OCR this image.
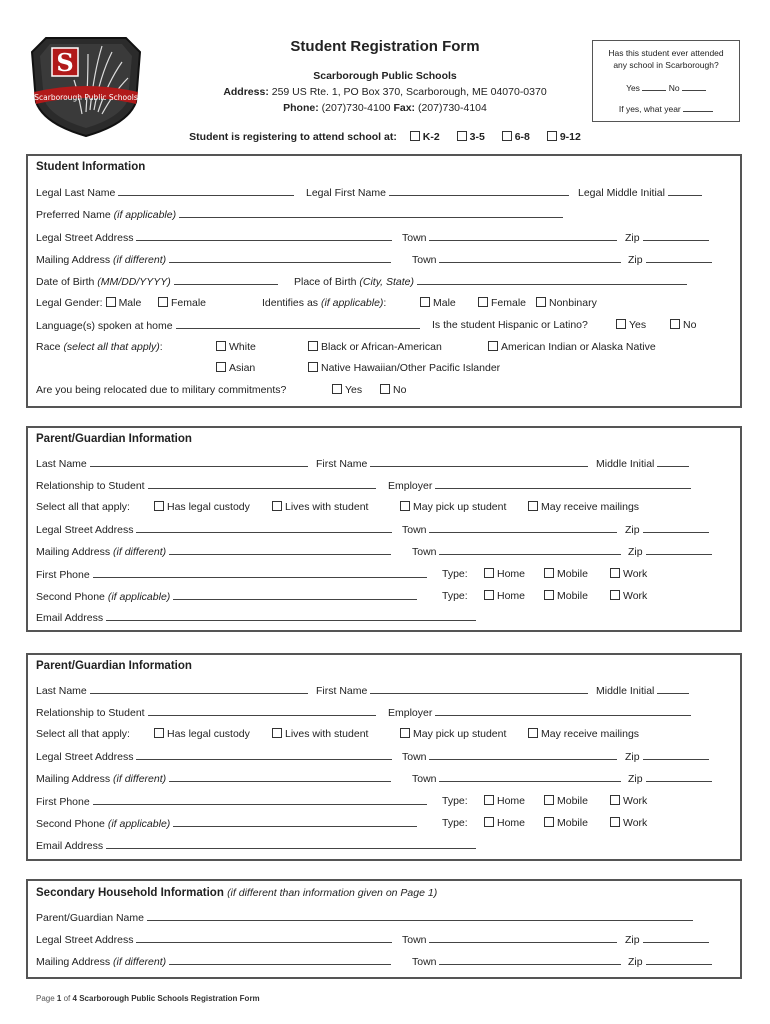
S
Scarborough Public Schools
Student Registration Form
Scarborough Public Schools
Address: 259 US Rte. 1, PO Box 370, Scarborough, ME 04070-0370
Phone: (207)730-4100 Fax: (207)730-4104
Has this student ever attended
any school in Scarborough?
Yes	No
If yes, what year
Student is registering to attend school at: K-2	3-5	6-8	9-12
Student Information
Legal Last Name	Legal First Name	Legal Middle Initial
Preferred Name (if applicable)
Legal Street Address	Town	Zip
Mailing Address (if different)	Town	Zip
Date of Birth (MM/DD/YYYY)	Place of Birth (City, State)
Legal Gender: Male	Female	Identifies as (if applicable):	Male	Female	Nonbinary
Language(s) spoken at home	Is the student Hispanic or Latino?	Yes	No
Race (select all that apply):	White	Black or African-American	American Indian or Alaska Native
Asian	Native Hawaiian/Other Pacific Islander
Are you being relocated due to military commitments?	Yes	No
Parent/Guardian Information
Last Name	First Name	Middle Initial
Relationship to Student	Employer
Select all that apply:	Has legal custody	Lives with student	May pick up student	May receive mailings
Legal Street Address	Town	Zip
Mailing Address (if different)	Town	Zip
First Phone	Type:	Home	Mobile	Work
Second Phone (if applicable)	Type:	Home	Mobile	Work
Email Address
Parent/Guardian Information
Last Name	First Name	Middle Initial
Relationship to Student	Employer
Select all that apply:	Has legal custody	Lives with student	May pick up student	May receive mailings
Legal Street Address	Town	Zip
Mailing Address (if different)	Town	Zip
First Phone	Type:	Home	Mobile	Work
Second Phone (if applicable)	Type:	Home	Mobile	Work
Email Address
Secondary Household Information (if different than information given on Page 1)
Parent/Guardian Name
Legal Street Address	Town	Zip
Mailing Address (if different)	Town	Zip
Page 1 of 4 Scarborough Public Schools Registration Form
